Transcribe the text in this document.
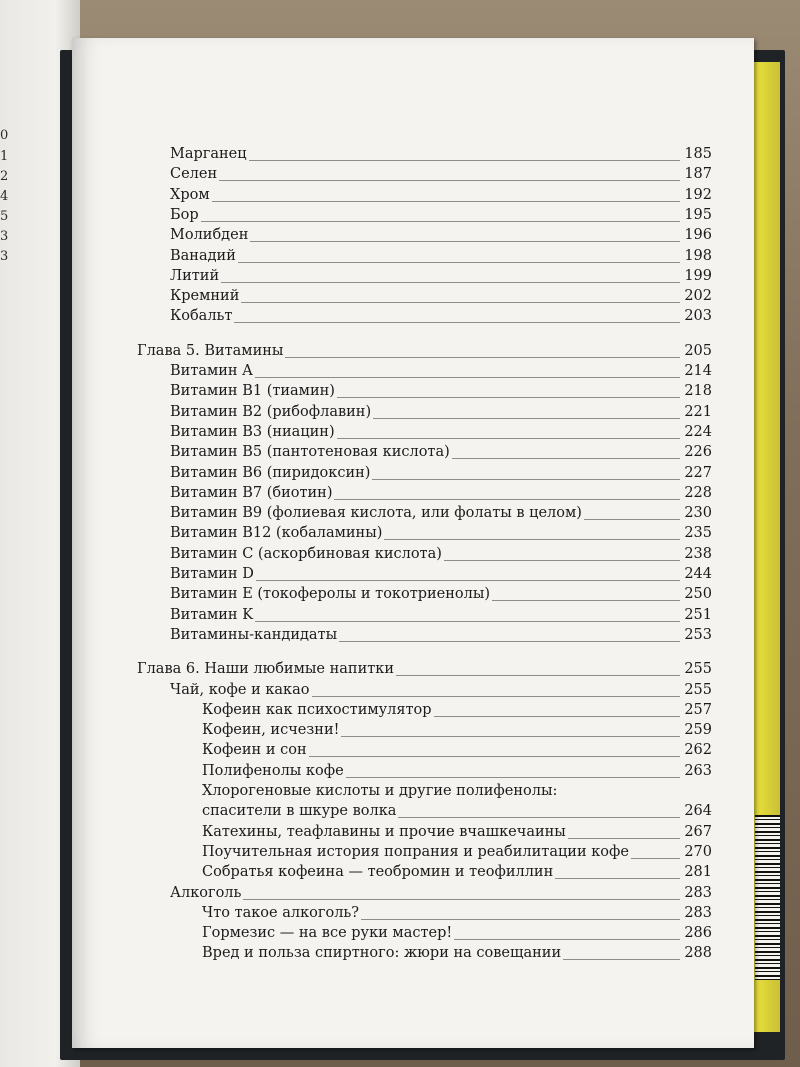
0
1
2
4
5
3
3
Марганец	185
Селен	187
Хром	192
Бор	195
Молибден	196
Ванадий	198
Литий	199
Кремний	202
Кобальт	203
Глава 5. Витамины	205
Витамин A	214
Витамин B1 (тиамин)	218
Витамин B2 (рибофлавин)	221
Витамин B3 (ниацин)	224
Витамин B5 (пантотеновая кислота)	226
Витамин B6 (пиридоксин)	227
Витамин B7 (биотин)	228
Витамин B9 (фолиевая кислота, или фолаты в целом)	230
Витамин B12 (кобаламины)	235
Витамин C (аскорбиновая кислота)	238
Витамин D	244
Витамин E (токоферолы и токотриенолы)	250
Витамин K	251
Витамины-кандидаты	253
Глава 6. Наши любимые напитки	255
Чай, кофе и какао	255
Кофеин как психостимулятор	257
Кофеин, исчезни!	259
Кофеин и сон	262
Полифенолы кофе	263
Хлорогеновые кислоты и другие полифенолы:
спасители в шкуре волка	264
Катехины, теафлавины и прочие вчашкечаины	267
Поучительная история попрания и реабилитации кофе	270
Собратья кофеина — теобромин и теофиллин	281
Алкоголь	283
Что такое алкоголь?	283
Гормезис — на все руки мастер!	286
Вред и польза спиртного: жюри на совещании	288
